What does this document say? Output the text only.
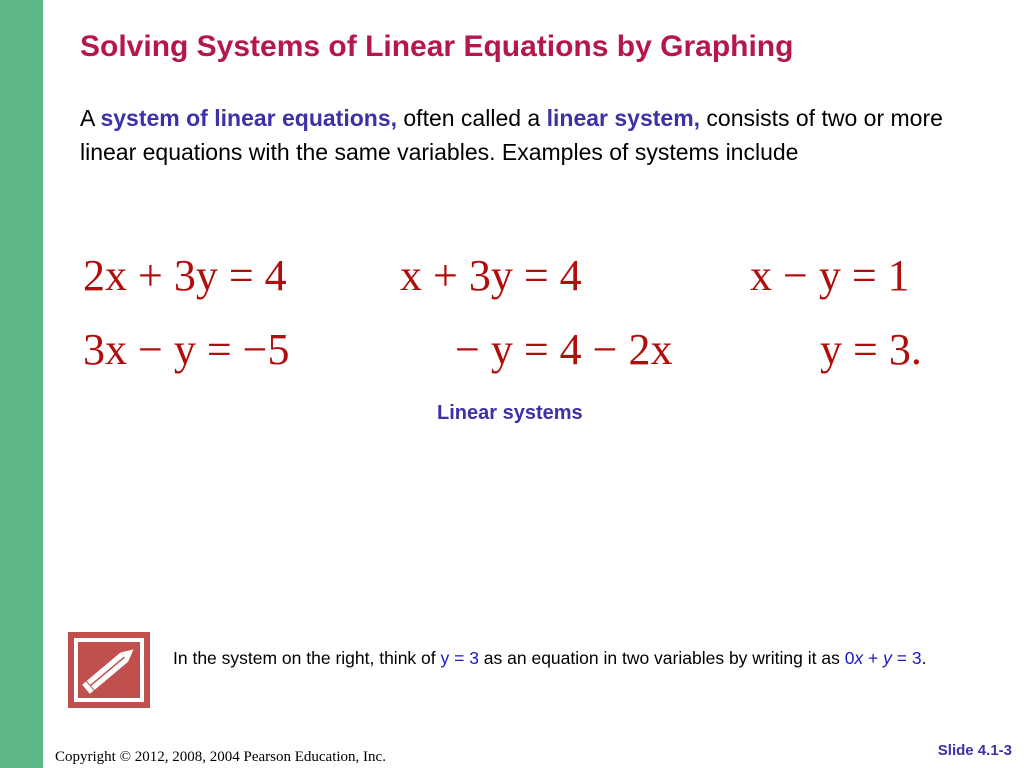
Solving Systems of Linear Equations by Graphing

A system of linear equations, often called a linear system, consists of two or more linear equations with the same variables. Examples of systems include

2x + 3y = 4
3x − y = −5
x + 3y = 4
− y = 4 − 2x
x − y = 1
y = 3.

Linear systems

In the system on the right, think of y = 3 as an equation in two variables by writing it as 0x + y = 3.

Copyright © 2012, 2008, 2004 Pearson Education, Inc.	Slide 4.1-3
